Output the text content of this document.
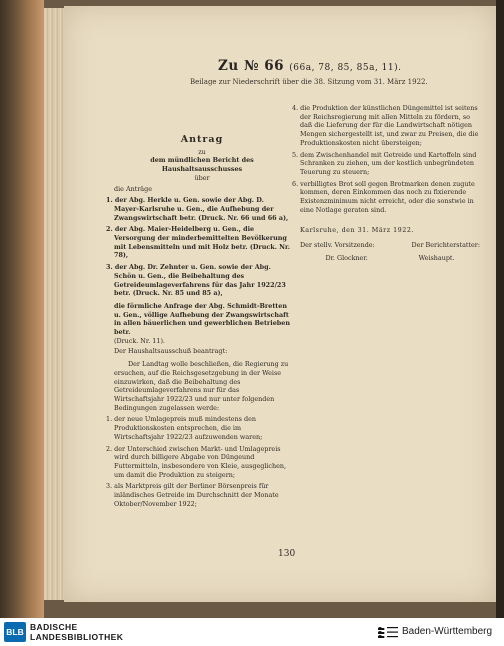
Zu № 66 (66a, 78, 85, 85a, 11).
Beilage zur Niederschrift über die 38. Sitzung vom 31. März 1922.

Antrag

zu

dem mündlichen Bericht des Haushaltsausschusses

über

die Anträge

1. der Abg. Herkle u. Gen. sowie der Abg. D. Mayer-Karlsruhe u. Gen., die Aufhebung der Zwangswirtschaft betr. (Druck. Nr. 66 und 66 a),

2. der Abg. Maier-Heidelberg u. Gen., die Versorgung der minderbemittelten Bevölkerung mit Lebensmitteln und mit Holz betr. (Druck. Nr. 78),

3. der Abg. Dr. Zehnter u. Gen. sowie der Abg. Schön u. Gen., die Beibehaltung des Getreideumlageverfahrens für das Jahr 1922/23 betr. (Druck. Nr. 85 und 85 a),

die förmliche Anfrage der Abg. Schmidt-Bretten u. Gen., völlige Aufhebung der Zwangswirtschaft in allen bäuerlichen und gewerblichen Betrieben betr.

(Druck. Nr. 11).

Der Haushaltsausschuß beantragt:

Der Landtag wolle beschließen, die Regierung zu ersuchen, auf die Reichsgesetzgebung in der Weise einzuwirken, daß die Beibehaltung des Getreideumlageverfahrens nur für das Wirtschaftsjahr 1922/23 und nur unter folgenden Bedingungen zugelassen werde:

1. der neue Umlagepreis muß mindestens den Produktionskosten entsprechen, die im Wirtschaftsjahr 1922/23 aufzuwenden waren;

2. der Unterschied zwischen Markt- und Umlagepreis wird durch billigere Abgabe von Düngeund Futtermitteln, insbesondere von Kleie, ausgeglichen, um damit die Produktion zu steigern;

3. als Marktpreis gilt der Berliner Börsenpreis für inländisches Getreide im Durchschnitt der Monate Oktober/November 1922;

4. die Produktion der künstlichen Düngemittel ist seitens der Reichsregierung mit allen Mitteln zu fördern, so daß die Lieferung der für die Landwirtschaft nötigen Mengen sichergestellt ist, und zwar zu Preisen, die die Produktionskosten nicht übersteigen;

5. dem Zwischenhandel mit Getreide und Kartoffeln sind Schranken zu ziehen, um der kostlich unbegründeten Teuerung zu steuern;

6. verbilligtes Brot soll gegen Brotmarken denen zugute kommen, deren Einkommen das noch zu fixierende Existenzminimum nicht erreicht, oder die sonstwie in eine Notlage geraten sind.

Karlsruhe, den 31. März 1922.

Der stellv. Vorsitzende:	Der Berichterstatter:
Dr. Glockner.	Weishaupt.
130
BLB BADISCHE
LANDESBIBLIOTHEK	Baden-Württemberg
